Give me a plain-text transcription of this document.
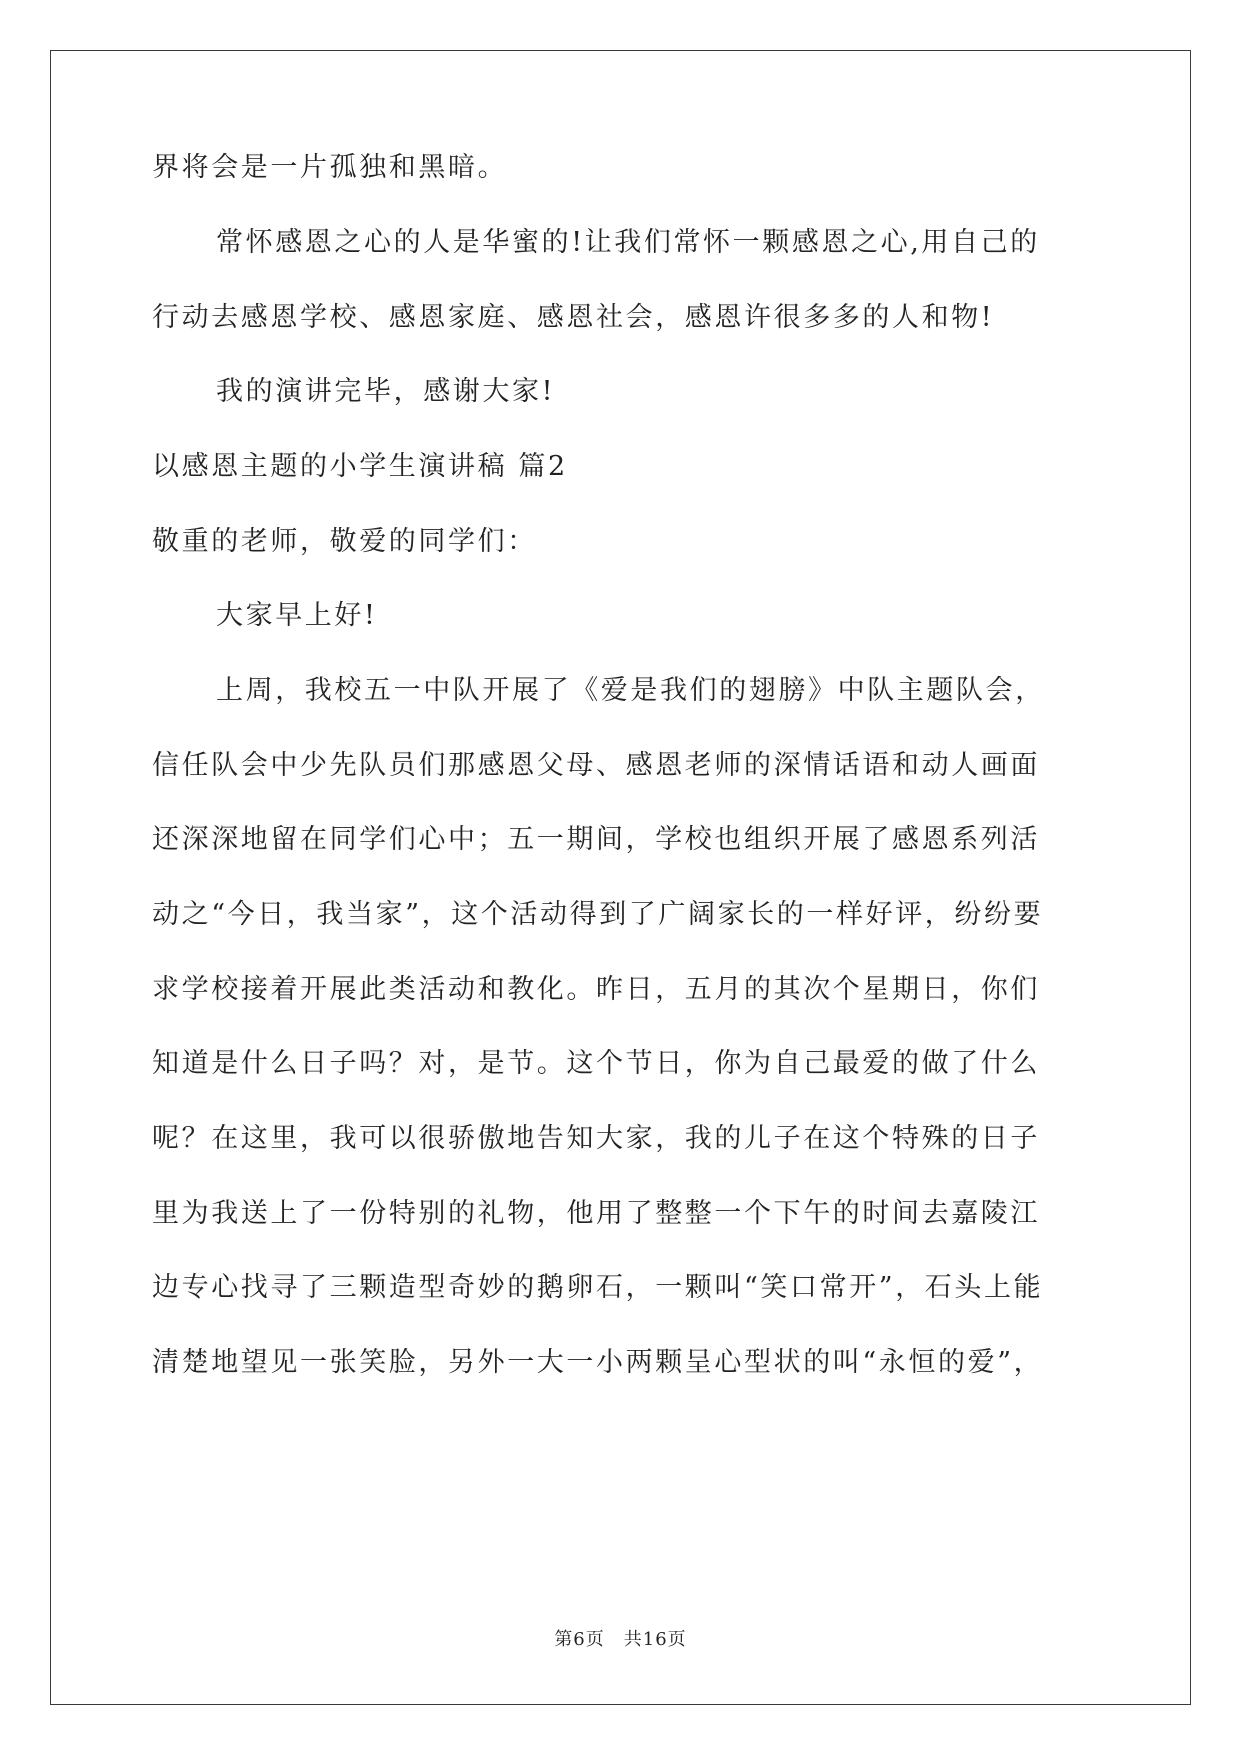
界将会是一片孤独和黑暗。
常怀感恩之心的人是华蜜的!让我们常怀一颗感恩之心,用自己的
行动去感恩学校、感恩家庭、感恩社会，感恩许很多多的人和物!
我的演讲完毕，感谢大家!
以感恩主题的小学生演讲稿 篇2
敬重的老师，敬爱的同学们：
大家早上好!
上周，我校五一中队开展了《爱是我们的翅膀》中队主题队会，
信任队会中少先队员们那感恩父母、感恩老师的深情话语和动人画面
还深深地留在同学们心中；五一期间，学校也组织开展了感恩系列活
动之“今日，我当家”，这个活动得到了广阔家长的一样好评，纷纷要
求学校接着开展此类活动和教化。昨日，五月的其次个星期日，你们
知道是什么日子吗？对，是节。这个节日，你为自己最爱的做了什么
呢？在这里，我可以很骄傲地告知大家，我的儿子在这个特殊的日子
里为我送上了一份特别的礼物，他用了整整一个下午的时间去嘉陵江
边专心找寻了三颗造型奇妙的鹅卵石，一颗叫“笑口常开”，石头上能
清楚地望见一张笑脸，另外一大一小两颗呈心型状的叫“永恒的爱”，
第6页　共16页
